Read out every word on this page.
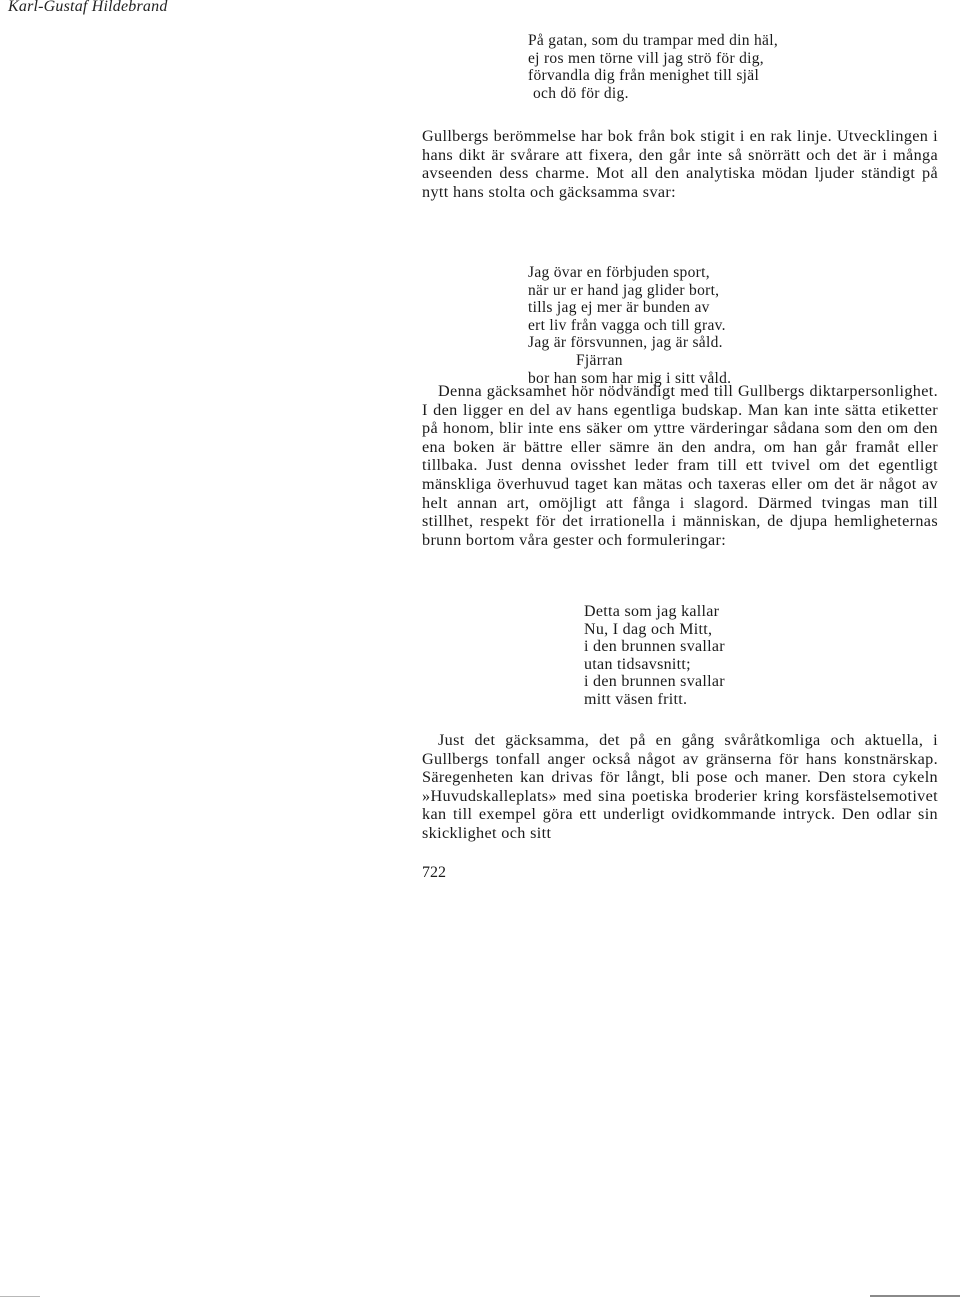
Karl-Gustaf Hildebrand
På gatan, som du trampar med din häl,
ej ros men törne vill jag strö för dig,
förvandla dig från menighet till själ
och dö för dig.

Gullbergs berömmelse har bok från bok stigit i en rak linje. Utvecklingen i hans dikt är svårare att fixera, den går inte så snörrätt och det är i många avseenden dess charme. Mot all den analytiska mödan ljuder ständigt på nytt hans stolta och gäcksamma svar:

Jag övar en förbjuden sport,
när ur er hand jag glider bort,
tills jag ej mer är bunden av
ert liv från vagga och till grav.
Jag är försvunnen, jag är såld.
Fjärran
bor han som har mig i sitt våld.

Denna gäcksamhet hör nödvändigt med till Gullbergs diktarpersonlighet. I den ligger en del av hans egentliga budskap. Man kan inte sätta etiketter på honom, blir inte ens säker om yttre värderingar sådana som den om den ena boken är bättre eller sämre än den andra, om han går framåt eller tillbaka. Just denna ovisshet leder fram till ett tvivel om det egentligt mänskliga överhuvud taget kan mätas och taxeras eller om det är något av helt annan art, omöjligt att fånga i slagord. Därmed tvingas man till stillhet, respekt för det irrationella i människan, de djupa hemligheternas brunn bortom våra gester och formuleringar:

Detta som jag kallar
Nu, I dag och Mitt,
i den brunnen svallar
utan tidsavsnitt;
i den brunnen svallar
mitt väsen fritt.

Just det gäcksamma, det på en gång svåråtkomliga och aktuella, i Gullbergs tonfall anger också något av gränserna för hans konstnärskap. Säregenheten kan drivas för långt, bli pose och maner. Den stora cykeln »Huvudskalleplats» med sina poetiska broderier kring korsfästelsemotivet kan till exempel göra ett underligt ovidkommande intryck. Den odlar sin skicklighet och sitt

722
